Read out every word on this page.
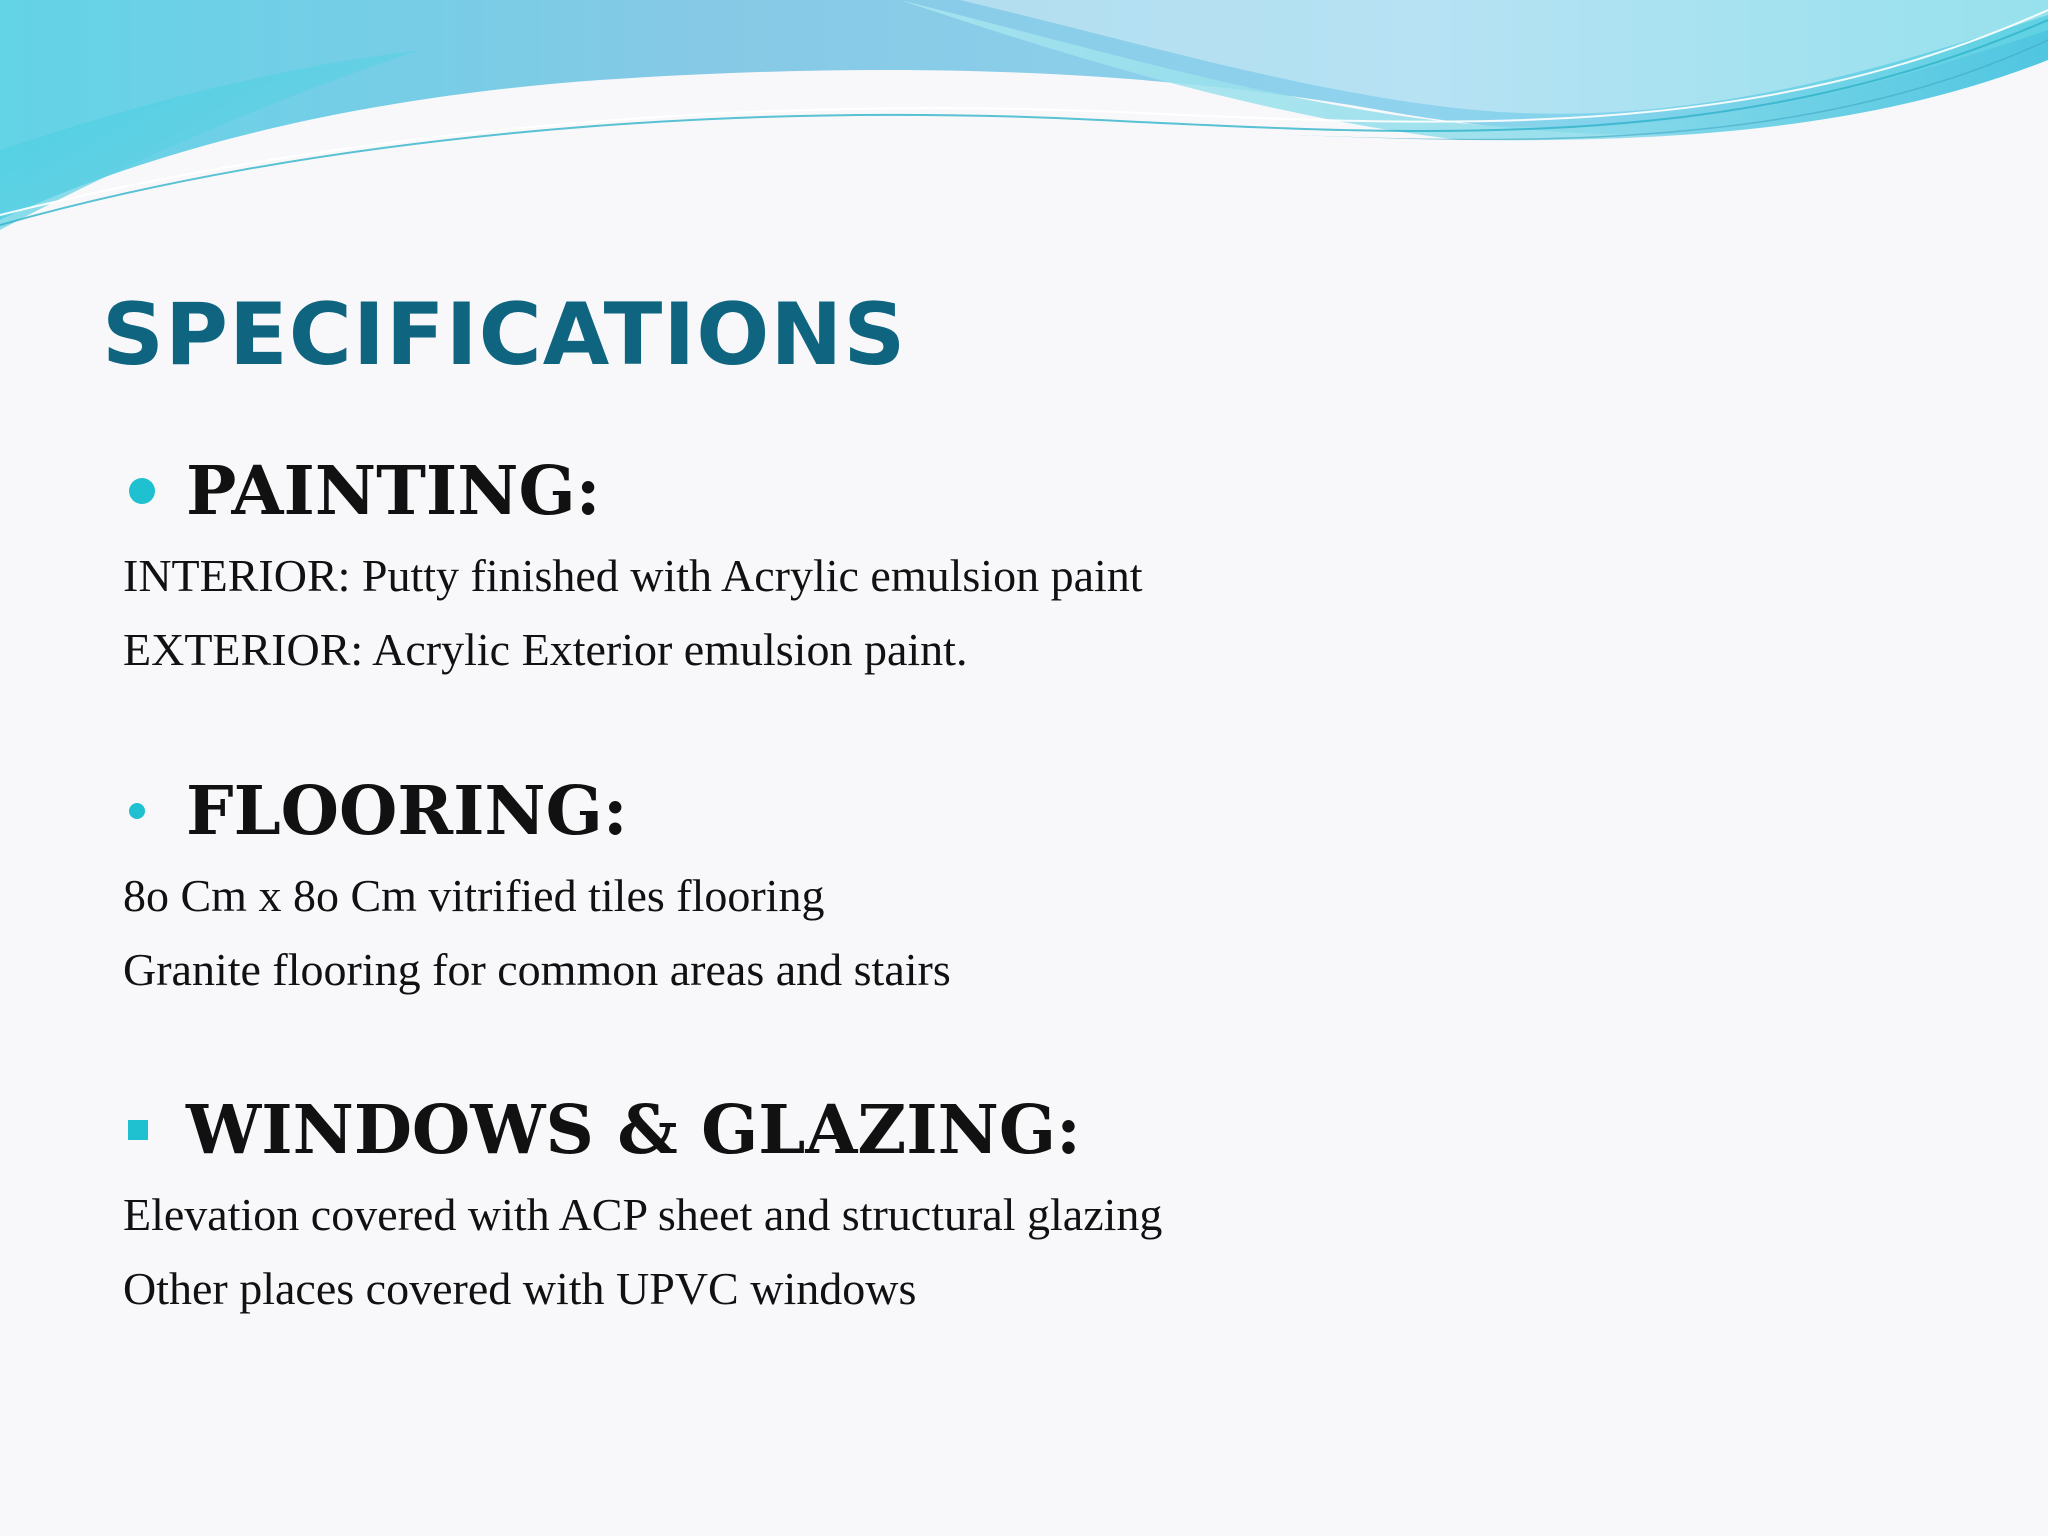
SPECIFICATIONS
PAINTING:

INTERIOR: Putty finished with Acrylic emulsion paint

EXTERIOR: Acrylic Exterior emulsion paint.

FLOORING:

8o Cm x 8o Cm vitrified tiles flooring

Granite flooring for common areas and stairs

WINDOWS & GLAZING:

Elevation covered with ACP sheet and structural glazing

Other places covered with UPVC windows
